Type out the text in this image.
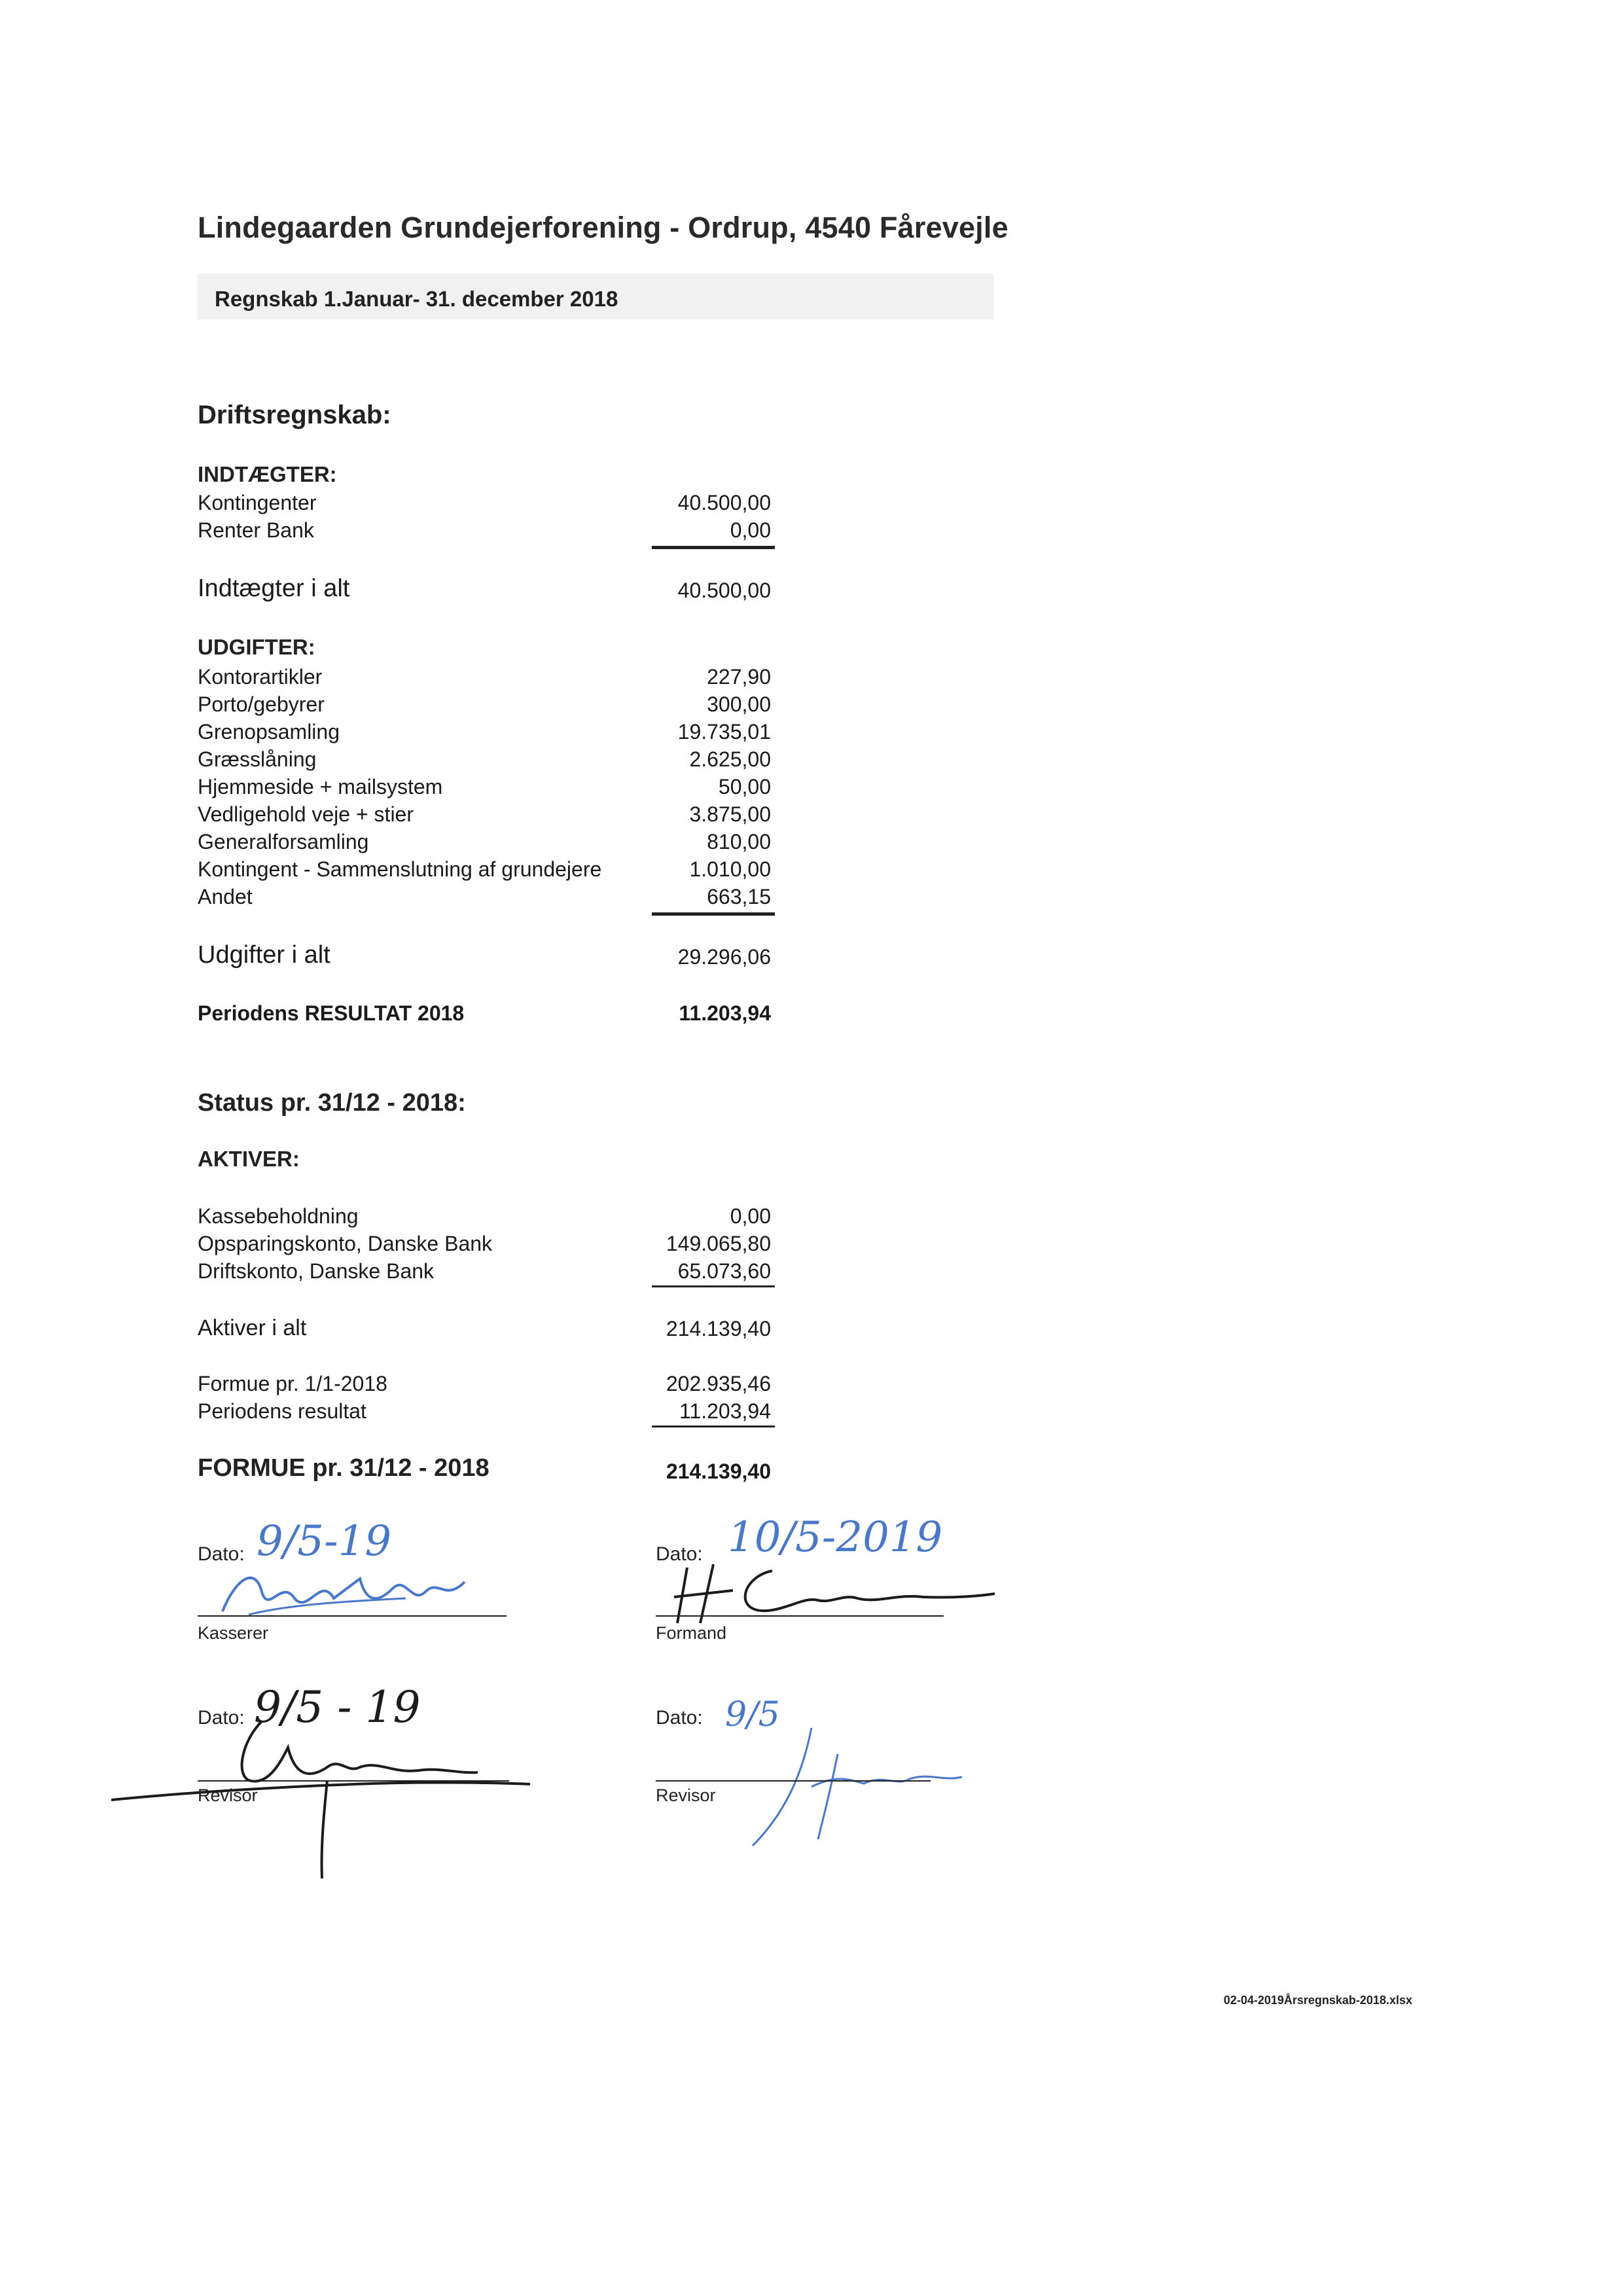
Lindegaarden Grundejerforening - Ordrup, 4540 Fårevejle
Regnskab 1.Januar- 31. december 2018
Driftsregnskab:
INDTÆGTER:
Kontingenter	40.500,00
Renter Bank	0,00
Indtægter i alt	40.500,00
UDGIFTER:
Kontorartikler	227,90
Porto/gebyrer	300,00
Grenopsamling	19.735,01
Græsslåning	2.625,00
Hjemmeside + mailsystem	50,00
Vedligehold veje + stier	3.875,00
Generalforsamling	810,00
Kontingent - Sammenslutning af grundejere	1.010,00
Andet	663,15
Udgifter i alt	29.296,06
Periodens RESULTAT 2018	11.203,94
Status pr. 31/12 - 2018:
AKTIVER:
Kassebeholdning	0,00
Opsparingskonto, Danske Bank	149.065,80
Driftskonto, Danske Bank	65.073,60
Aktiver i alt	214.139,40
Formue pr. 1/1-2018	202.935,46
Periodens resultat	11.203,94
FORMUE pr. 31/12 - 2018	214.139,40
Dato: 9/5-19
Kasserer
Dato: 10/5-2019
Formand
Dato: 9/5 - 19
Revisor
Dato: 9/5
Revisor
02-04-2019Årsregnskab-2018.xlsx
